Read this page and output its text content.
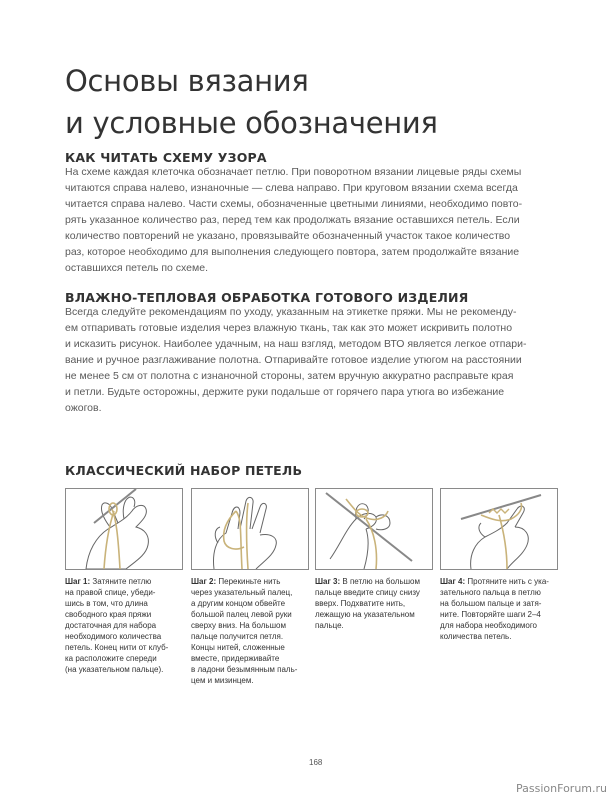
Основы вязания
и условные обозначения
КАК ЧИТАТЬ СХЕМУ УЗОРА

На схеме каждая клеточка обозначает петлю. При поворотном вязании лицевые ряды схемы
читаются справа налево, изнаночные — слева направо. При круговом вязании схема всегда
читается справа налево. Части схемы, обозначенные цветными линиями, необходимо повто-
рять указанное количество раз, перед тем как продолжать вязание оставшихся петель. Если
количество повторений не указано, провязывайте обозначенный участок такое количество
раз, которое необходимо для выполнения следующего повтора, затем продолжайте вязание
оставшихся петель по схеме.

ВЛАЖНО-ТЕПЛОВАЯ ОБРАБОТКА ГОТОВОГО ИЗДЕЛИЯ

Всегда следуйте рекомендациям по уходу, указанным на этикетке пряжи. Мы не рекоменду-
ем отпаривать готовые изделия через влажную ткань, так как это может искривить полотно
и исказить рисунок. Наиболее удачным, на наш взгляд, методом ВТО является легкое отпари-
вание и ручное разглаживание полотна. Отпаривайте готовое изделие утюгом на расстоянии
не менее 5 см от полотна с изнаночной стороны, затем вручную аккуратно расправьте края
и петли. Будьте осторожны, держите руки подальше от горячего пара утюга во избежание
ожогов.

КЛАССИЧЕСКИЙ НАБОР ПЕТЕЛЬ
Шаг 1: Затяните петлю
на правой спице, убеди-
шись в том, что длина
свободного края пряжи
достаточная для набора
необходимого количества
петель. Конец нити от клуб-
ка расположите спереди
(на указательном пальце).
Шаг 2: Перекиньте нить
через указательный палец,
а другим концом обвейте
большой палец левой руки
сверху вниз. На большом
пальце получится петля.
Концы нитей, сложенные
вместе, придерживайте
в ладони безымянным паль-
цем и мизинцем.
Шаг 3: В петлю на большом
пальце введите спицу снизу
вверх. Подхватите нить,
лежащую на указательном
пальце.
Шаг 4: Протяните нить с ука-
зательного пальца в петлю
на большом пальце и затя-
ните. Повторяйте шаги 2–4
для набора необходимого
количества петель.
168
PassionForum.ru
